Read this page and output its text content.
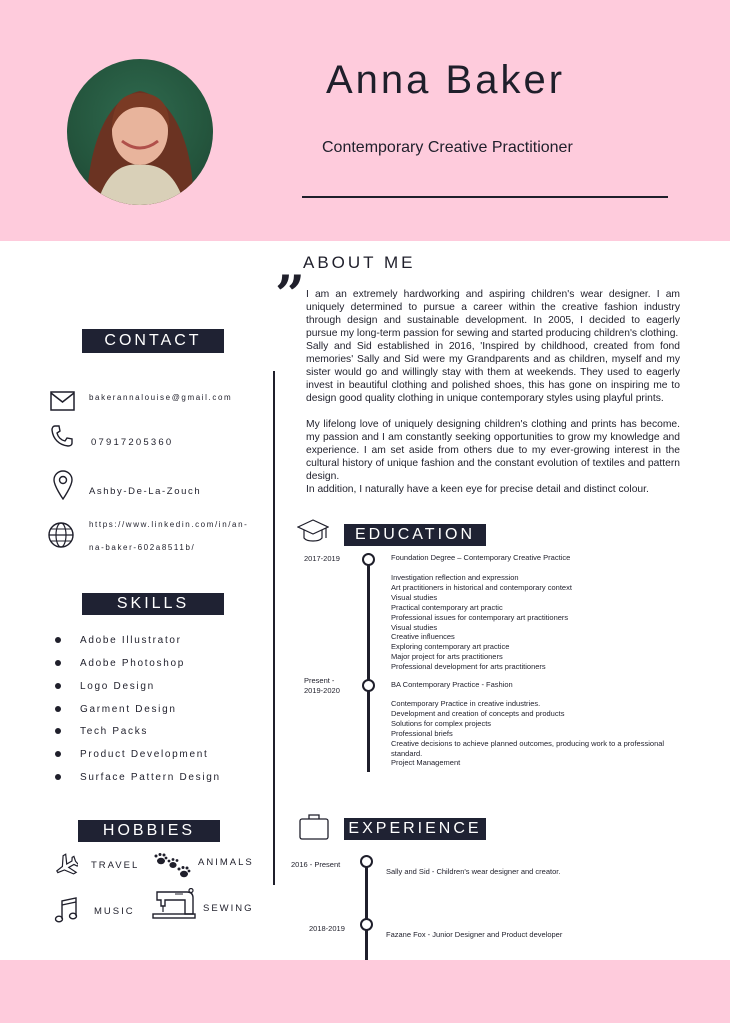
Anna Baker
Contemporary Creative Practitioner
ABOUT ME
” I am an extremely hardworking and aspiring children's wear designer. I am uniquely determined to pursue a career within the creative fashion industry through design and sustainable development. In 2005, I decided to eagerly pursue my long-term passion for sewing and started producing children's clothing.

Sally and Sid established in 2016, 'Inspired by childhood, created from fond memories' Sally and Sid were my Grandparents and as children, myself and my sister would go and willingly stay with them at weekends. They used to eagerly invest in beautiful clothing and polished shoes, this has gone on inspiring me to design good quality clothing in unique contemporary styles using playful prints.

My lifelong love of uniquely designing children's clothing and prints has become. my passion and I am constantly seeking opportunities to grow my knowledge and experience. I am set aside from others due to my ever-growing interest in the cultural history of unique fashion and the constant evolution of textiles and pattern design.

In addition, I naturally have a keen eye for precise detail and distinct colour.

CONTACT
bakerannalouise@gmail.com
07917205360
Ashby-De-La-Zouch
https://www.linkedin.com/in/an-
na-baker-602a8511b/
SKILLS
Adobe Illustrator
Adobe Photoshop
Logo Design
Garment Design
Tech Packs
Product Development
Surface Pattern Design
HOBBIES
TRAVEL	ANIMALS
MUSIC	SEWING
EDUCATION
2017-2019	Foundation Degree – Contemporary Creative Practice
Investigation reflection and expression
Art practitioners in historical and contemporary context
Visual studies
Practical contemporary art practic
Professional issues for contemporary art practitioners
Visual studies
Creative influences
Exploring contemporary art practice
Major project for arts practitioners
Professional development for arts practitioners
Present -
2019-2020
BA Contemporary Practice - Fashion
Contemporary Practice in creative industries.
Development and creation of concepts and products
Solutions for complex projects
Professional briefs
Creative decisions to achieve planned outcomes, producing work to a professional
standard.
Project Management
EXPERIENCE
2016 - Present
Sally and Sid - Children's wear designer and creator.
2018-2019
Fazane Fox - Junior Designer and Product developer
